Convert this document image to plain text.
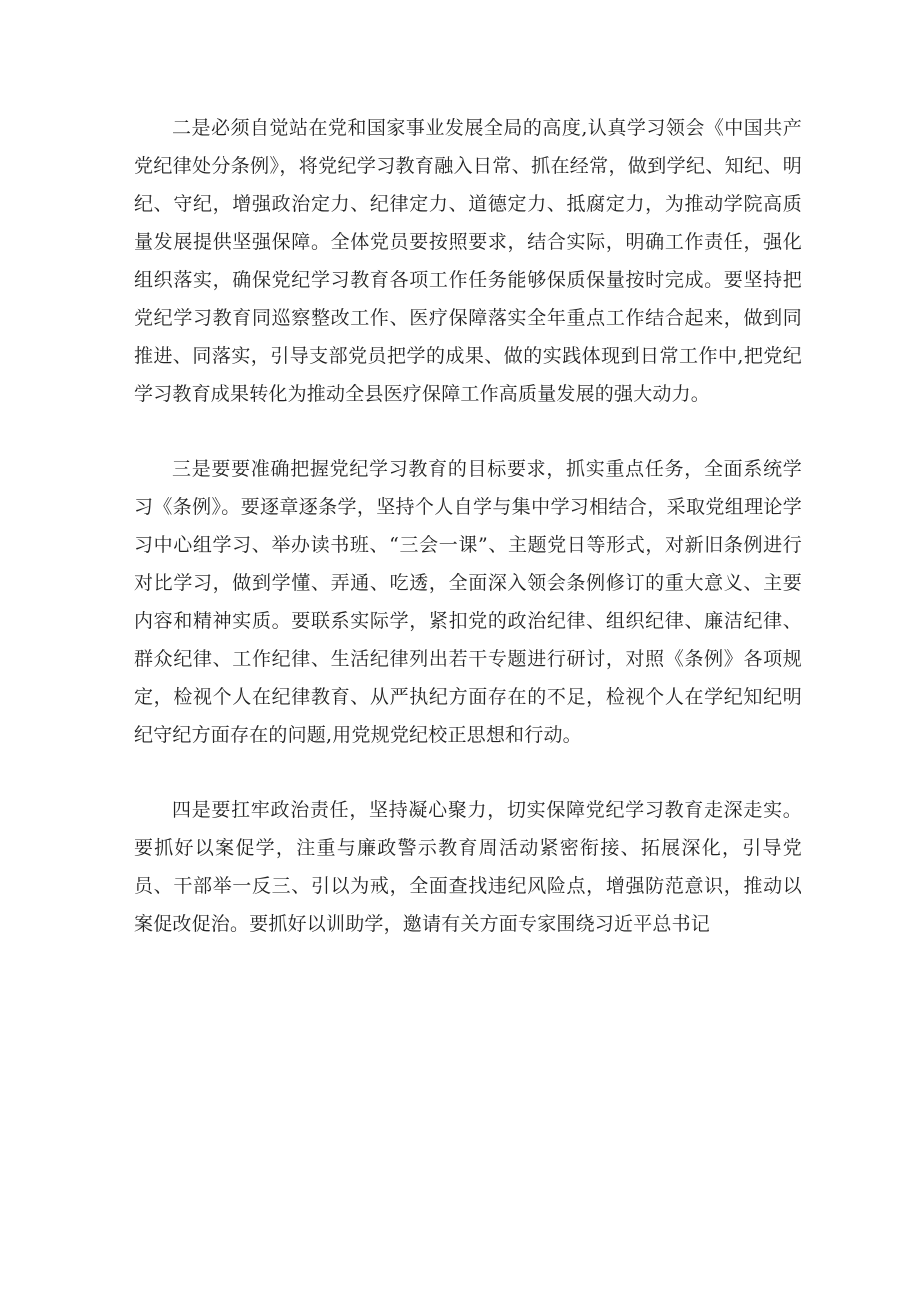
二是必须自觉站在党和国家事业发展全局的高度,认真学习领会《中国共产党纪律处分条例》，将党纪学习教育融入日常、抓在经常，做到学纪、知纪、明纪、守纪，增强政治定力、纪律定力、道德定力、抵腐定力，为推动学院高质量发展提供坚强保障。全体党员要按照要求，结合实际，明确工作责任，强化组织落实，确保党纪学习教育各项工作任务能够保质保量按时完成。要坚持把党纪学习教育同巡察整改工作、医疗保障落实全年重点工作结合起来，做到同推进、同落实，引导支部党员把学的成果、做的实践体现到日常工作中,把党纪学习教育成果转化为推动全县医疗保障工作高质量发展的强大动力。

三是要要准确把握党纪学习教育的目标要求，抓实重点任务，全面系统学习《条例》。要逐章逐条学，坚持个人自学与集中学习相结合，采取党组理论学习中心组学习、举办读书班、“三会一课”、主题党日等形式，对新旧条例进行对比学习，做到学懂、弄通、吃透，全面深入领会条例修订的重大意义、主要内容和精神实质。要联系实际学，紧扣党的政治纪律、组织纪律、廉洁纪律、群众纪律、工作纪律、生活纪律列出若干专题进行研讨，对照《条例》各项规定，检视个人在纪律教育、从严执纪方面存在的不足，检视个人在学纪知纪明纪守纪方面存在的问题,用党规党纪校正思想和行动。

四是要扛牢政治责任，坚持凝心聚力，切实保障党纪学习教育走深走实。要抓好以案促学，注重与廉政警示教育周活动紧密衔接、拓展深化，引导党员、干部举一反三、引以为戒，全面查找违纪风险点，增强防范意识，推动以案促改促治。要抓好以训助学，邀请有关方面专家围绕习近平总书记
